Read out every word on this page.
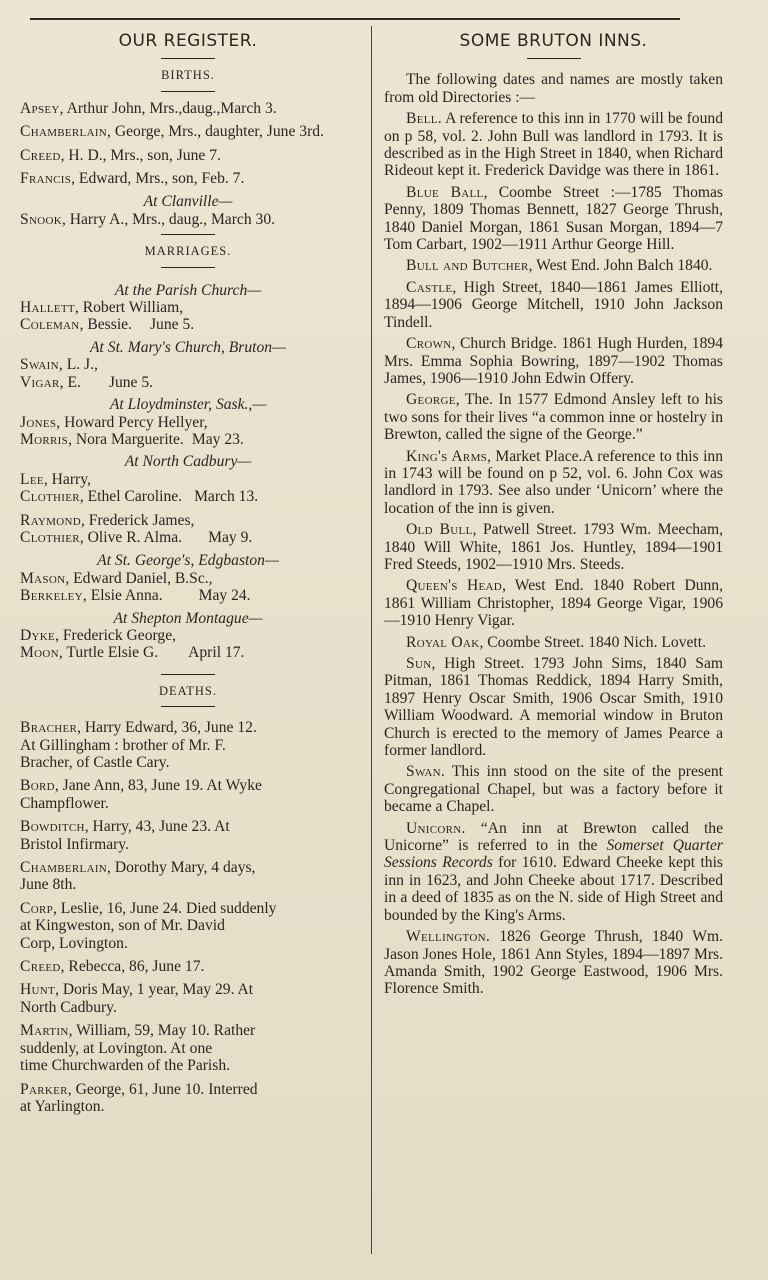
OUR REGISTER.
BIRTHS.
Apsey, Arthur John, Mrs.,daug.,March 3.
Chamberlain, George, Mrs., daughter, June 3rd.
Creed, H. D., Mrs., son, June 7.
Francis, Edward, Mrs., son, Feb. 7.
At Clanville—
Snook, Harry A., Mrs., daug., March 30.
MARRIAGES.
At the Parish Church—
Hallett, Robert William,
Coleman, Bessie. June 5.
At St. Mary's Church, Bruton—
Swain, L. J.,
Vigar, E. June 5.
At Lloydminster, Sask.,—
Jones, Howard Percy Hellyer,
Morris, Nora Marguerite. May 23.
At North Cadbury—
Lee, Harry,
Clothier, Ethel Caroline. March 13.
Raymond, Frederick James,
Clothier, Olive R. Alma. May 9.
At St. George's, Edgbaston—
Mason, Edward Daniel, B.Sc.,
Berkeley, Elsie Anna. May 24.
At Shepton Montague—
Dyke, Frederick George,
Moon, Turtle Elsie G. April 17.
DEATHS.
Bracher, Harry Edward, 36, June 12.
At Gillingham : brother of Mr. F.
Bracher, of Castle Cary.
Bord, Jane Ann, 83, June 19. At Wyke
Champflower.
Bowditch, Harry, 43, June 23. At
Bristol Infirmary.
Chamberlain, Dorothy Mary, 4 days,
June 8th.
Corp, Leslie, 16, June 24. Died suddenly
at Kingweston, son of Mr. David
Corp, Lovington.
Creed, Rebecca, 86, June 17.
Hunt, Doris May, 1 year, May 29. At
North Cadbury.
Martin, William, 59, May 10. Rather
suddenly, at Lovington. At one
time Churchwarden of the Parish.
Parker, George, 61, June 10. Interred
at Yarlington.
SOME BRUTON INNS.

The following dates and names are mostly taken from old Directories :—

Bell. A reference to this inn in 1770 will be found on p 58, vol. 2. John Bull was landlord in 1793. It is described as in the High Street in 1840, when Richard Rideout kept it. Frederick Davidge was there in 1861.

Blue Ball, Coombe Street :—1785 Thomas Penny, 1809 Thomas Bennett, 1827 George Thrush, 1840 Daniel Morgan, 1861 Susan Morgan, 1894—7 Tom Carbart, 1902—1911 Arthur George Hill.

Bull and Butcher, West End. John Balch 1840.

Castle, High Street, 1840—1861 James Elliott, 1894—1906 George Mitchell, 1910 John Jackson Tindell.

Crown, Church Bridge. 1861 Hugh Hurden, 1894 Mrs. Emma Sophia Bowring, 1897—1902 Thomas James, 1906—1910 John Edwin Offery.

George, The. In 1577 Edmond Ansley left to his two sons for their lives “a common inne or hostelry in Brewton, called the signe of the George.”

King's Arms, Market Place.A reference to this inn in 1743 will be found on p 52, vol. 6. John Cox was landlord in 1793. See also under ‘Unicorn’ where the location of the inn is given.

Old Bull, Patwell Street. 1793 Wm. Meecham, 1840 Will White, 1861 Jos. Huntley, 1894—1901 Fred Steeds, 1902—1910 Mrs. Steeds.

Queen's Head, West End. 1840 Robert Dunn, 1861 William Christopher, 1894 George Vigar, 1906—1910 Henry Vigar.

Royal Oak, Coombe Street. 1840 Nich. Lovett.

Sun, High Street. 1793 John Sims, 1840 Sam Pitman, 1861 Thomas Reddick, 1894 Harry Smith, 1897 Henry Oscar Smith, 1906 Oscar Smith, 1910 William Woodward. A memorial window in Bruton Church is erected to the memory of James Pearce a former landlord.

Swan. This inn stood on the site of the present Congregational Chapel, but was a factory before it became a Chapel.

Unicorn. “An inn at Brewton called the Unicorne” is referred to in the Somerset Quarter Sessions Records for 1610. Edward Cheeke kept this inn in 1623, and John Cheeke about 1717. Described in a deed of 1835 as on the N. side of High Street and bounded by the King's Arms.

Wellington. 1826 George Thrush, 1840 Wm. Jason Jones Hole, 1861 Ann Styles, 1894—1897 Mrs. Amanda Smith, 1902 George Eastwood, 1906 Mrs. Florence Smith.
